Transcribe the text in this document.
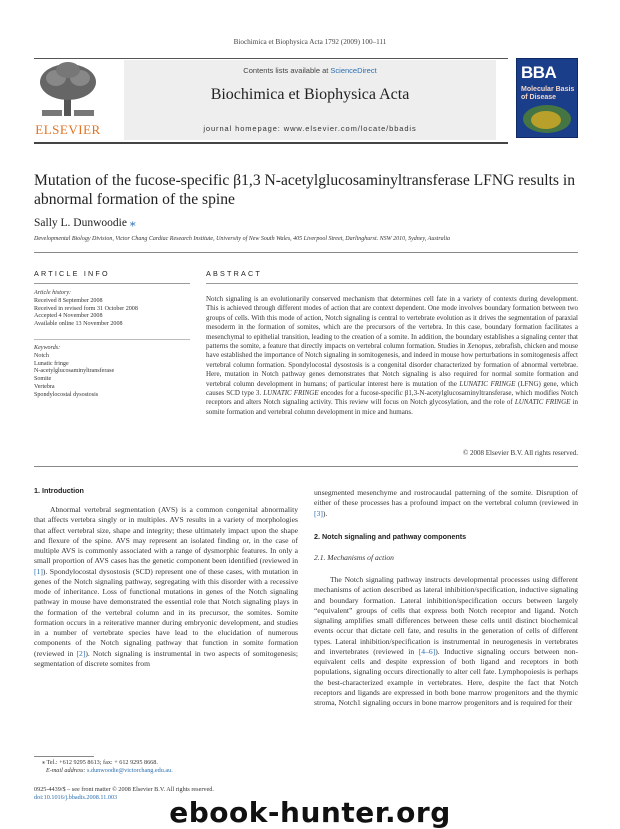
Biochimica et Biophysica Acta 1792 (2009) 100–111
ELSEVIER
Contents lists available at ScienceDirect
Biochimica et Biophysica Acta
journal homepage: www.elsevier.com/locate/bbadis
BBA
Molecular Basis of Disease
Mutation of the fucose-specific β1,3 N-acetylglucosaminyltransferase LFNG results in abnormal formation of the spine
Sally L. Dunwoodie ⁎
Developmental Biology Division, Victor Chang Cardiac Research Institute, University of New South Wales, 405 Liverpool Street, Darlinghurst. NSW 2010, Sydney, Australia
ARTICLE INFO
Article history:
Received 8 September 2008
Received in revised form 31 October 2008
Accepted 4 November 2008
Available online 13 November 2008
Keywords:
Notch
Lunatic fringe
N-acetylglucosaminyltransferase
Somite
Vertebra
Spondylocostal dysostosis
ABSTRACT
Notch signaling is an evolutionarily conserved mechanism that determines cell fate in a variety of contexts during development. This is achieved through different modes of action that are context dependent. One mode involves boundary formation between two groups of cells. With this mode of action, Notch signaling is central to vertebrate evolution as it drives the segmentation of paraxial mesoderm in the formation of somites, which are the precursors of the vertebra. In this case, boundary formation facilitates a mesenchymal to epithelial transition, leading to the creation of a somite. In addition, the boundary establishes a signaling center that patterns the somite, a feature that directly impacts on vertebral column formation. Studies in Xenopus, zebrafish, chicken and mouse have established the importance of Notch signaling in somitogenesis, and indeed in mouse how perturbations in somitogenesis affect vertebral column formation. Spondylocostal dysostosis is a congenital disorder characterized by formation of abnormal vertebrae. Here, mutation in Notch pathway genes demonstrates that Notch signaling is also required for normal somite formation and vertebral column development in humans; of particular interest here is mutation of the LUNATIC FRINGE (LFNG) gene, which causes SCD type 3. LUNATIC FRINGE encodes for a fucose-specific β1,3-N-acetylglucosaminyltransferase, which modifies Notch receptors and alters Notch signaling activity. This review will focus on Notch glycosylation, and the role of LUNATIC FRINGE in somite formation and vertebral column development in mice and humans.
© 2008 Elsevier B.V. All rights reserved.
1. Introduction
Abnormal vertebral segmentation (AVS) is a common congenital abnormality that affects vertebra singly or in multiples. AVS results in a variety of morphologies that affect vertebral size, shape and integrity; these ultimately impact upon the shape and flexure of the spine. AVS may represent an isolated finding or, in the case of multiple AVS is commonly associated with a range of dysmorphic features. In only a small proportion of AVS cases has the genetic component been identified (reviewed in [1]). Spondylocostal dysostosis (SCD) represent one of these cases, with mutation in genes of the Notch signaling pathway, segregating with this disorder with a recessive mode of inheritance. Loss of functional mutations in genes of the Notch signaling pathway in mouse have demonstrated the essential role that Notch signaling plays in the formation of the vertebral column and in its precursor, the somites. Somite formation occurs in a reiterative manner during embryonic development, and studies in a number of vertebrate species have lead to the elucidation of numerous components of the Notch signaling pathway that function in somite formation (reviewed in [2]). Notch signaling is instrumental in two aspects of somitogenesis; segmentation of discrete somites from
unsegmented mesenchyme and rostrocaudal patterning of the somite. Disruption of either of these processes has a profound impact on the vertebral column (reviewed in [3]).
2. Notch signaling and pathway components
2.1. Mechanisms of action
The Notch signaling pathway instructs developmental processes using different mechanisms of action described as lateral inhibition/specification, inductive signaling and boundary formation. Lateral inhibition/specification occurs between largely “equivalent” groups of cells that express both Notch receptor and ligand. Notch signaling amplifies small differences between these cells until distinct biochemical events occur that dictate cell fate, and results in the generation of cells of different types. Lateral inhibition/specification is instrumental in neurogenesis in vertebrates and invertebrates (reviewed in [4–6]). Inductive signaling occurs between non-equivalent cells and despite expression of both ligand and receptors in both populations, signaling occurs directionally to alter cell fate. Lymphopoiesis is perhaps the best-characterized example in vertebrates. Here, despite the fact that Notch receptors and ligands are expressed in both bone marrow progenitors and the thymic stroma, Notch1 signaling occurs in bone marrow progenitors and is required for their
⁎ Tel.: +612 9295 8613; fax: + 612 9295 8668.
E-mail address: s.dunwoodie@victorchang.edu.au.
0925-4439/$ – see front matter © 2008 Elsevier B.V. All rights reserved.
doi:10.1016/j.bbadis.2008.11.003	ebook-hunter.org
